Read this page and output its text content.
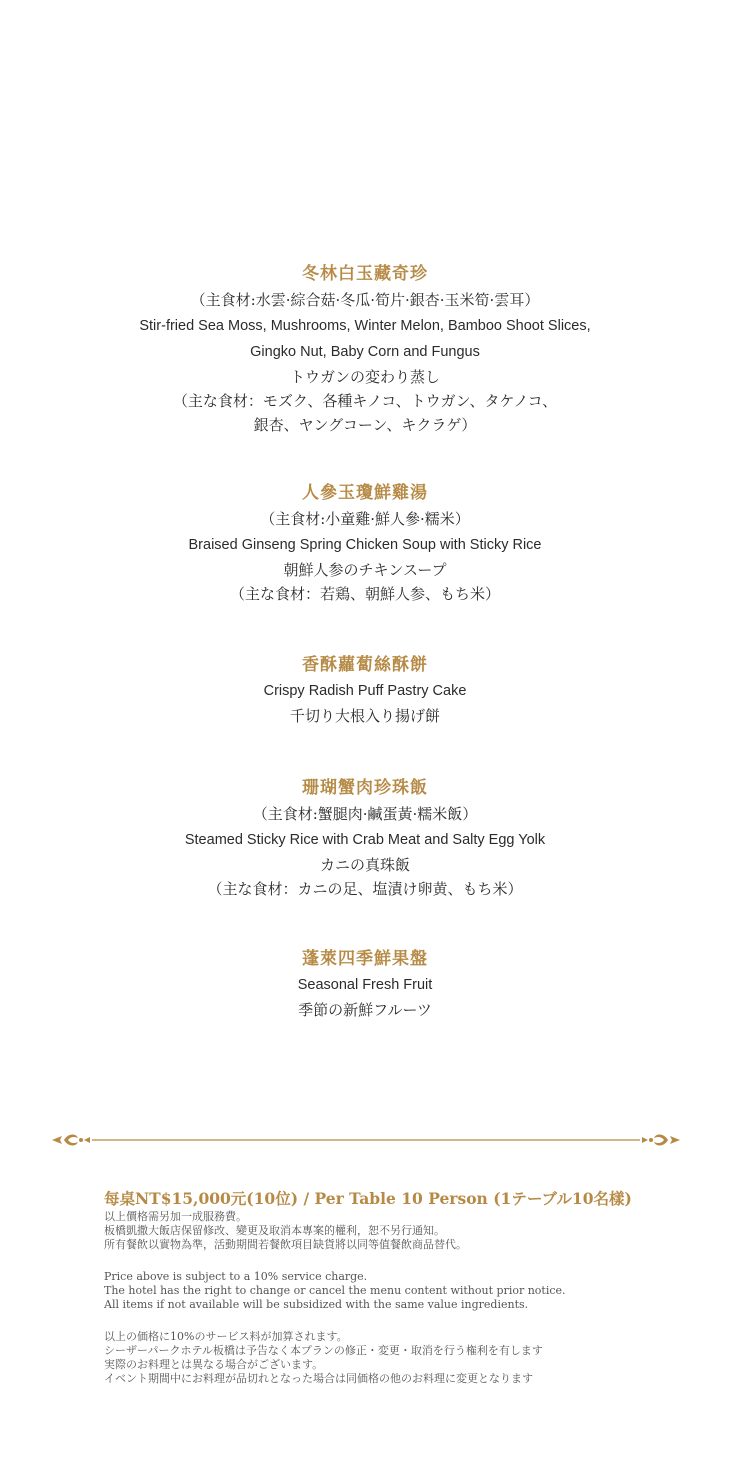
冬林白玉藏奇珍
（主食材:水雲·綜合菇·冬瓜·筍片·銀杏·玉米筍·雲耳）
Stir-fried Sea Moss, Mushrooms, Winter Melon, Bamboo Shoot Slices,
Gingko Nut, Baby Corn and Fungus
トウガンの変わり蒸し
（主な食材：モズク、各種キノコ、トウガン、タケノコ、
銀杏、ヤングコーン、キクラゲ）
人參玉瓊鮮雞湯
（主食材:小童雞·鮮人參·糯米）
Braised Ginseng Spring Chicken Soup with Sticky Rice
朝鮮人参のチキンスープ
（主な食材：若鶏、朝鮮人参、もち米）
香酥蘿蔔絲酥餅
Crispy Radish Puff Pastry Cake
千切り大根入り揚げ餅
珊瑚蟹肉珍珠飯
（主食材:蟹腿肉·鹹蛋黃·糯米飯）
Steamed Sticky Rice with Crab Meat and Salty Egg Yolk
カニの真珠飯
（主な食材：カニの足、塩漬け卵黄、もち米）
蓬萊四季鮮果盤
Seasonal Fresh Fruit
季節の新鮮フルーツ
每桌NT$15,000元(10位) / Per Table 10 Person (1テーブル10名樣)
以上價格需另加一成服務費。
板橋凱撒大飯店保留修改、變更及取消本專案的權利，恕不另行通知。
所有餐飲以實物為準，活動期間若餐飲項目缺貨將以同等值餐飲商品替代。
Price above is subject to a 10% service charge.
The hotel has the right to change or cancel the menu content without prior notice.
All items if not available will be subsidized with the same value ingredients.
以上の価格に10%のサービス料が加算されます。
シーザーパークホテル板橋は予告なく本プランの修正・変更・取消を行う権利を有します
実際のお料理とは異なる場合がございます。
イベント期間中にお料理が品切れとなった場合は同価格の他のお料理に変更となります
